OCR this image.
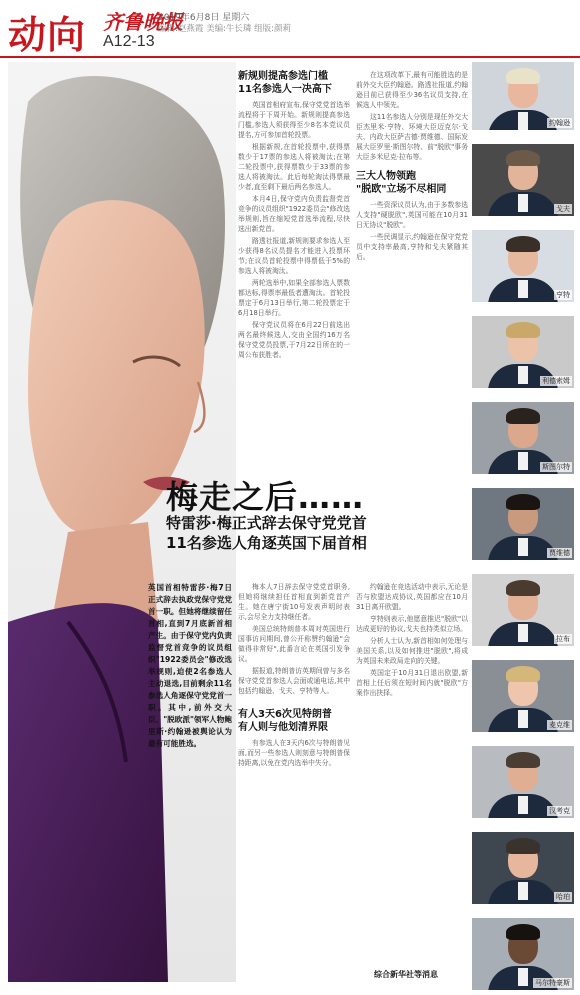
动向 齐鲁晚报
A12-13
2019年6月8日 星期六
编辑:赵燕霞 美编:牛长璘 组版:颜莉
新规则提高参选门槛
11名参选人一决高下

英国首相府宣布,保守党党首选举流程将于下周开始。新规则提高参选门槛,参选人须获得至少8名本党议员提名,方可参加首轮投票。

根据新规,在首轮投票中,获得票数少于17票的参选人将被淘汰;在第二轮投票中,获得票数少于33票的参选人将被淘汰。此后每轮淘汰得票最少者,直至剩下最后两名参选人。

本月4日,保守党内负责监督党首竞争的议员组织"1922委员会"修改选举规则,旨在缩短党首选举流程,尽快选出新党首。

路透社报道,新规则要求参选人至少获得8名议员提名才能进入投票环节;在议员首轮投票中得票低于5%的参选人将被淘汰。

两轮选举中,如果全部参选人票数都达标,得票率最低者遭淘汰。首轮投票定于6月13日举行,第二轮投票定于6月18日举行。

保守党议员将在6月22日前选出两名最终候选人,交由全国约16万名保守党党员投票,于7月22日所在的一周公布获胜者。

在这项改革下,最有可能胜选的是前外交大臣约翰逊。路透社报道,约翰逊目前已获得至少36名议员支持,在候选人中领先。

这11名参选人分别是现任外交大臣杰里米·亨特、环境大臣迈克尔·戈夫、内政大臣萨吉德·贾维德、国际发展大臣罗里·斯图尔特、前"脱欧"事务大臣多米尼克·拉布等。

三大人物领跑
"脱欧"立场不尽相同

一些资深议员认为,由于多数参选人支持"硬脱欧",英国可能在10月31日无协议"脱欧"。

一些民调显示,约翰逊在保守党党员中支持率最高,亨特和戈夫紧随其后。

梅走之后……
特雷莎·梅正式辞去保守党党首
11名参选人角逐英国下届首相
英国首相特雷莎·梅7日正式辞去执政党保守党党首一职。但她将继续留任首相,直到7月底新首相产生。由于保守党内负责监督党首竞争的议员组织"1922委员会"修改选举规则,迫使2名参选人主动退选,目前剩余11名参选人角逐保守党党首一职。其中,前外交大臣、"脱欧派"领军人物鲍里斯·约翰逊被舆论认为最有可能胜选。

梅本人7日辞去保守党党首职务,但她将继续担任首相直到新党首产生。她在唐宁街10号发表声明时表示,会尽全力支持继任者。

美国总统特朗普本周对英国进行国事访问期间,曾公开称赞约翰逊"会做得非常好",此番言论在英国引发争议。

据报道,特朗普访英期间曾与多名保守党党首参选人会面或通电话,其中包括约翰逊、戈夫、亨特等人。

有人3天6次见特朗普
有人则与他划清界限

有参选人在3天内6次与特朗普见面,而另一些参选人则刻意与特朗普保持距离,以免在党内选举中失分。

约翰逊在竞选活动中表示,无论是否与欧盟达成协议,英国都应在10月31日离开欧盟。

亨特则表示,他愿意推迟"脱欧"以达成更好的协议,戈夫也持类似立场。

分析人士认为,新首相如何处理与美国关系,以及如何推进"脱欧",将成为英国未来政局走向的关键。

英国定于10月31日退出欧盟,新首相上任后须在短时间内就"脱欧"方案作出抉择。

综合新华社等消息
约翰逊
戈夫
亨特
利德索姆
斯图尔特
贾维德
拉布
麦克维
汉考克
哈珀
马尔特豪斯
